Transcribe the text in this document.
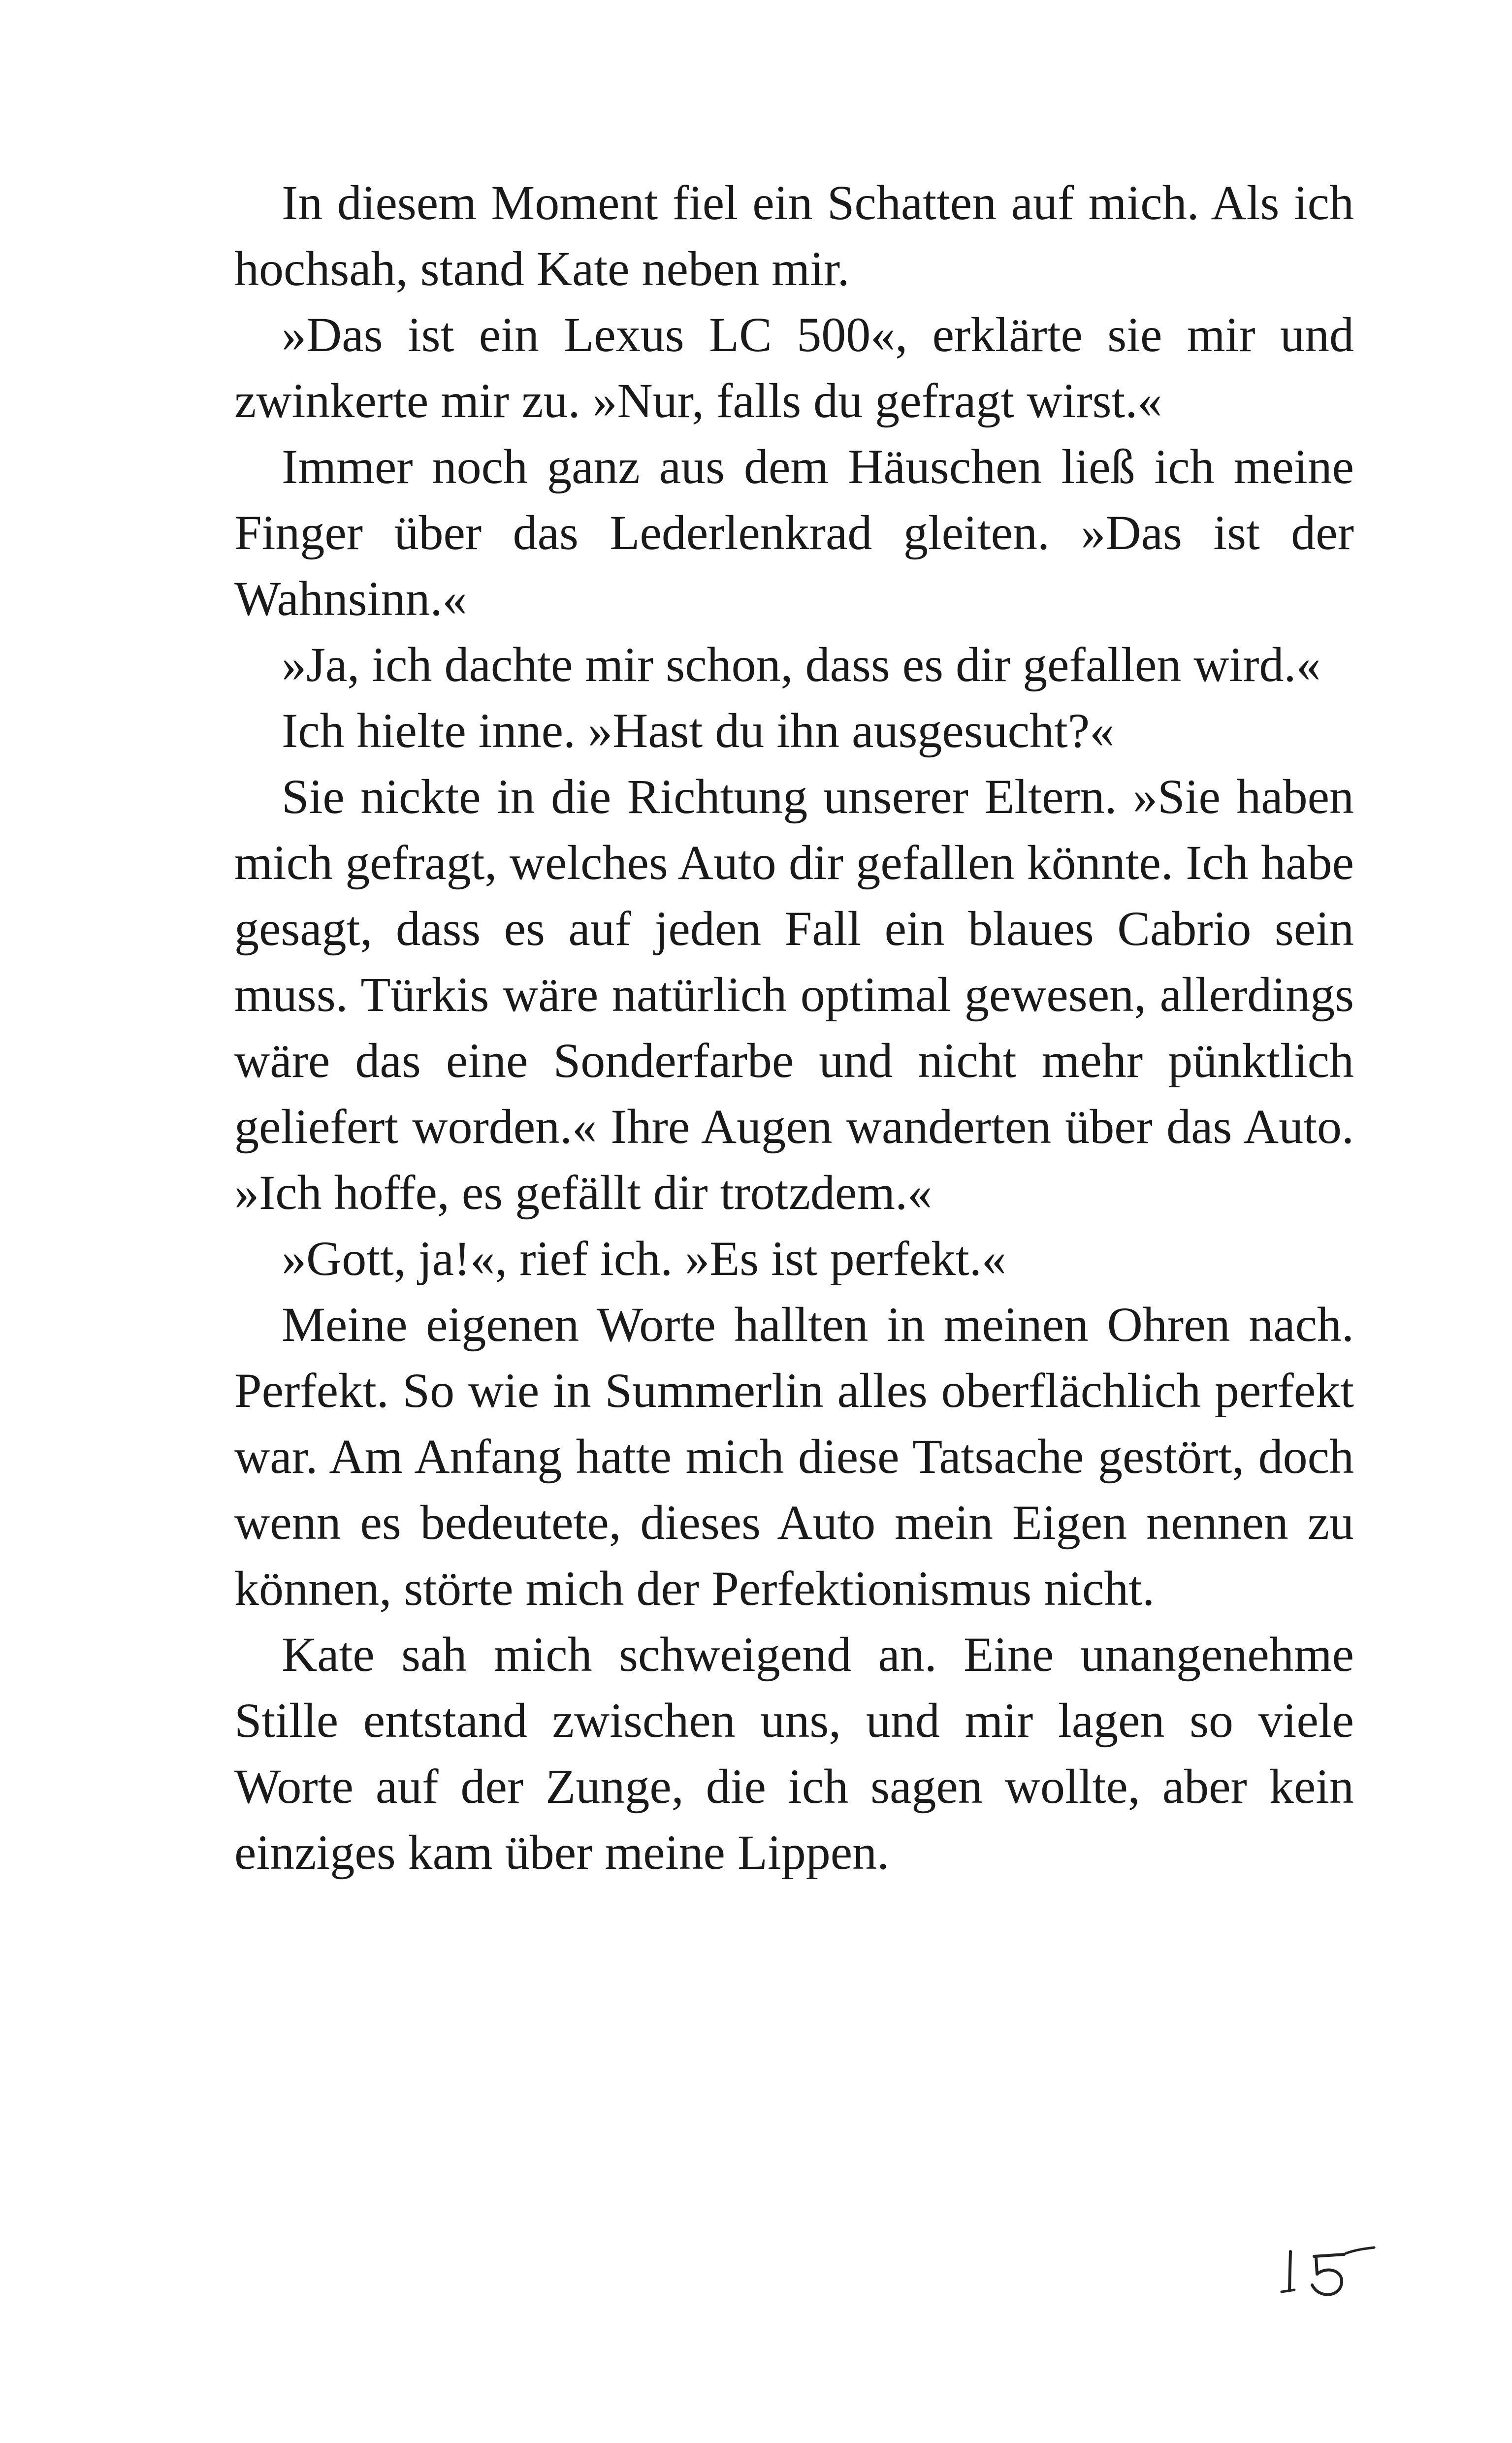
In diesem Moment fiel ein Schatten auf mich. Als ich hochsah, stand Kate neben mir.

»Das ist ein Lexus LC 500«, erklärte sie mir und zwinkerte mir zu. »Nur, falls du gefragt wirst.«

Immer noch ganz aus dem Häuschen ließ ich meine Finger über das Lederlenkrad gleiten. »Das ist der Wahnsinn.«

»Ja, ich dachte mir schon, dass es dir gefallen wird.«

Ich hielte inne. »Hast du ihn ausgesucht?«

Sie nickte in die Richtung unserer Eltern. »Sie haben mich gefragt, welches Auto dir gefallen könnte. Ich habe gesagt, dass es auf jeden Fall ein blaues Cabrio sein muss. Türkis wäre natürlich optimal gewesen, allerdings wäre das eine Sonderfarbe und nicht mehr pünktlich geliefert worden.« Ihre Augen wanderten über das Auto. »Ich hoffe, es gefällt dir trotzdem.«

»Gott, ja!«, rief ich. »Es ist perfekt.«

Meine eigenen Worte hallten in meinen Ohren nach. Perfekt. So wie in Summerlin alles oberflächlich perfekt war. Am Anfang hatte mich diese Tatsache gestört, doch wenn es bedeutete, dieses Auto mein Eigen nennen zu können, störte mich der Perfektionismus nicht.

Kate sah mich schweigend an. Eine unangenehme Stille entstand zwischen uns, und mir lagen so viele Worte auf der Zunge, die ich sagen wollte, aber kein einziges kam über meine Lippen.
